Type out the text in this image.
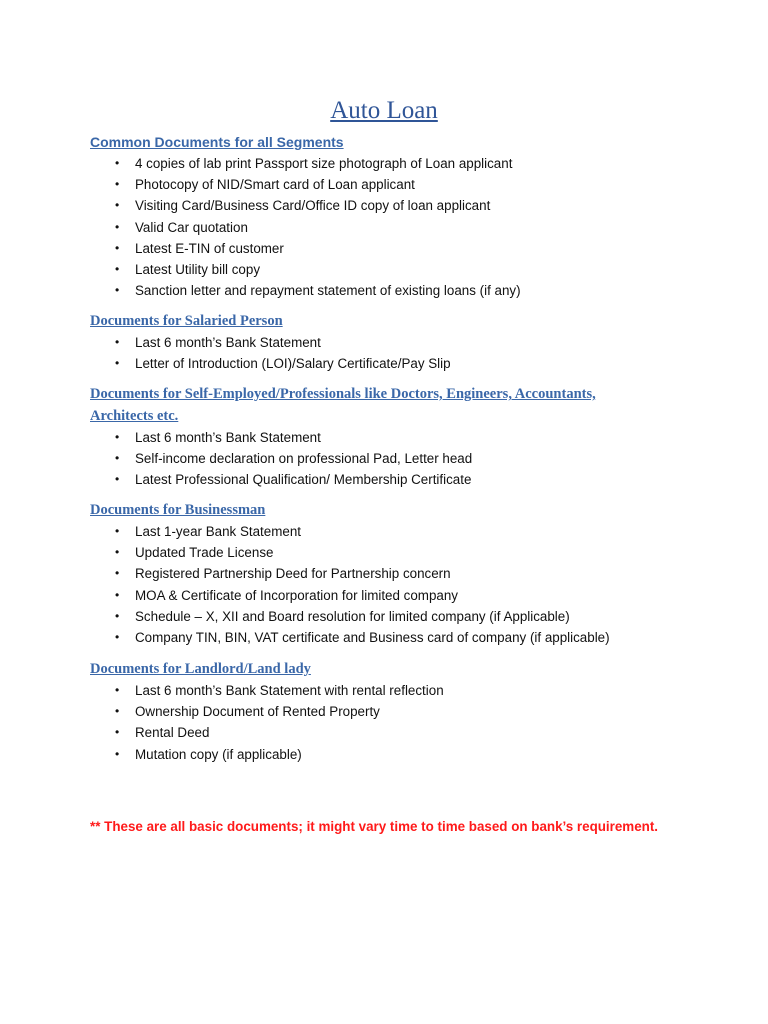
Auto Loan
Common Documents for all Segments
• 4 copies of lab print Passport size photograph of Loan applicant
• Photocopy of NID/Smart card of Loan applicant
• Visiting Card/Business Card/Office ID copy of loan applicant
• Valid Car quotation
• Latest E-TIN of customer
• Latest Utility bill copy
• Sanction letter and repayment statement of existing loans (if any)
Documents for Salaried Person
• Last 6 month’s Bank Statement
• Letter of Introduction (LOI)/Salary Certificate/Pay Slip
Documents for Self-Employed/Professionals like Doctors, Engineers, Accountants,
Architects etc.
• Last 6 month’s Bank Statement
• Self-income declaration on professional Pad, Letter head
• Latest Professional Qualification/ Membership Certificate
Documents for Businessman
• Last 1-year Bank Statement
• Updated Trade License
• Registered Partnership Deed for Partnership concern
• MOA & Certificate of Incorporation for limited company
• Schedule – X, XII and Board resolution for limited company (if Applicable)
• Company TIN, BIN, VAT certificate and Business card of company (if applicable)
Documents for Landlord/Land lady
• Last 6 month’s Bank Statement with rental reflection
• Ownership Document of Rented Property
• Rental Deed
• Mutation copy (if applicable)

** These are all basic documents; it might vary time to time based on bank’s requirement.
